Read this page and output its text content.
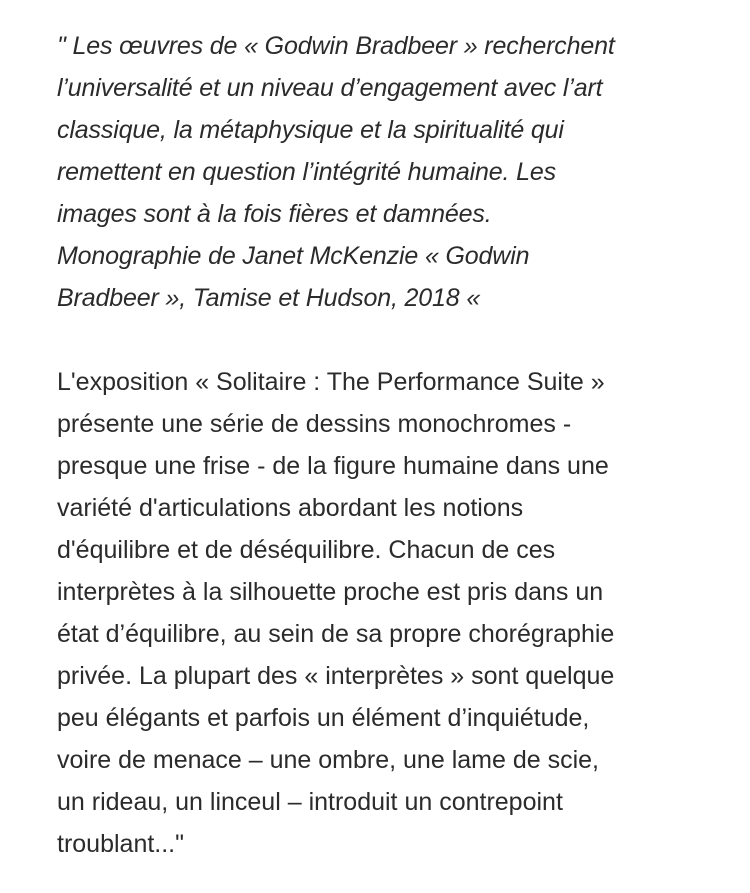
" Les œuvres de « Godwin Bradbeer » recherchent
l’universalité et un niveau d’engagement avec l’art
classique, la métaphysique et la spiritualité qui
remettent en question l’intégrité humaine. Les
images sont à la fois fières et damnées.
Monographie de Janet McKenzie « Godwin
Bradbeer », Tamise et Hudson, 2018 «
L'exposition « Solitaire : The Performance Suite »
présente une série de dessins monochromes -
presque une frise - de la figure humaine dans une
variété d'articulations abordant les notions
d'équilibre et de déséquilibre. Chacun de ces
interprètes à la silhouette proche est pris dans un
état d’équilibre, au sein de sa propre chorégraphie
privée. La plupart des « interprètes » sont quelque
peu élégants et parfois un élément d’inquiétude,
voire de menace – une ombre, une lame de scie,
un rideau, un linceul – introduit un contrepoint
troublant..."
